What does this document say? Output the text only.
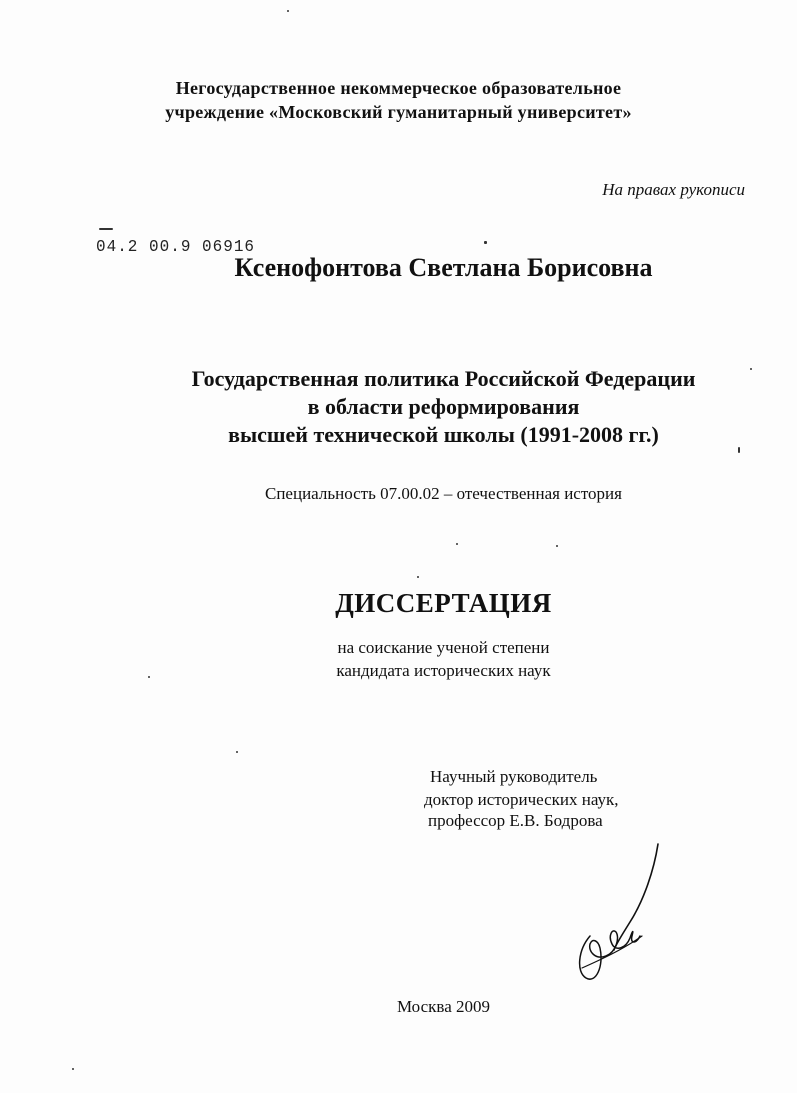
Негосударственное некоммерческое образовательное
учреждение «Московский гуманитарный университет»
На правах рукописи
04.2 00.9 06916
Ксенофонтова Светлана Борисовна
Государственная политика Российской Федерации
в области реформирования
высшей технической школы (1991-2008 гг.)
Специальность 07.00.02 – отечественная история
ДИССЕРТАЦИЯ
на соискание ученой степени
кандидата исторических наук
Научный руководитель
доктор исторических наук,
профессор Е.В. Бодрова
Москва 2009
